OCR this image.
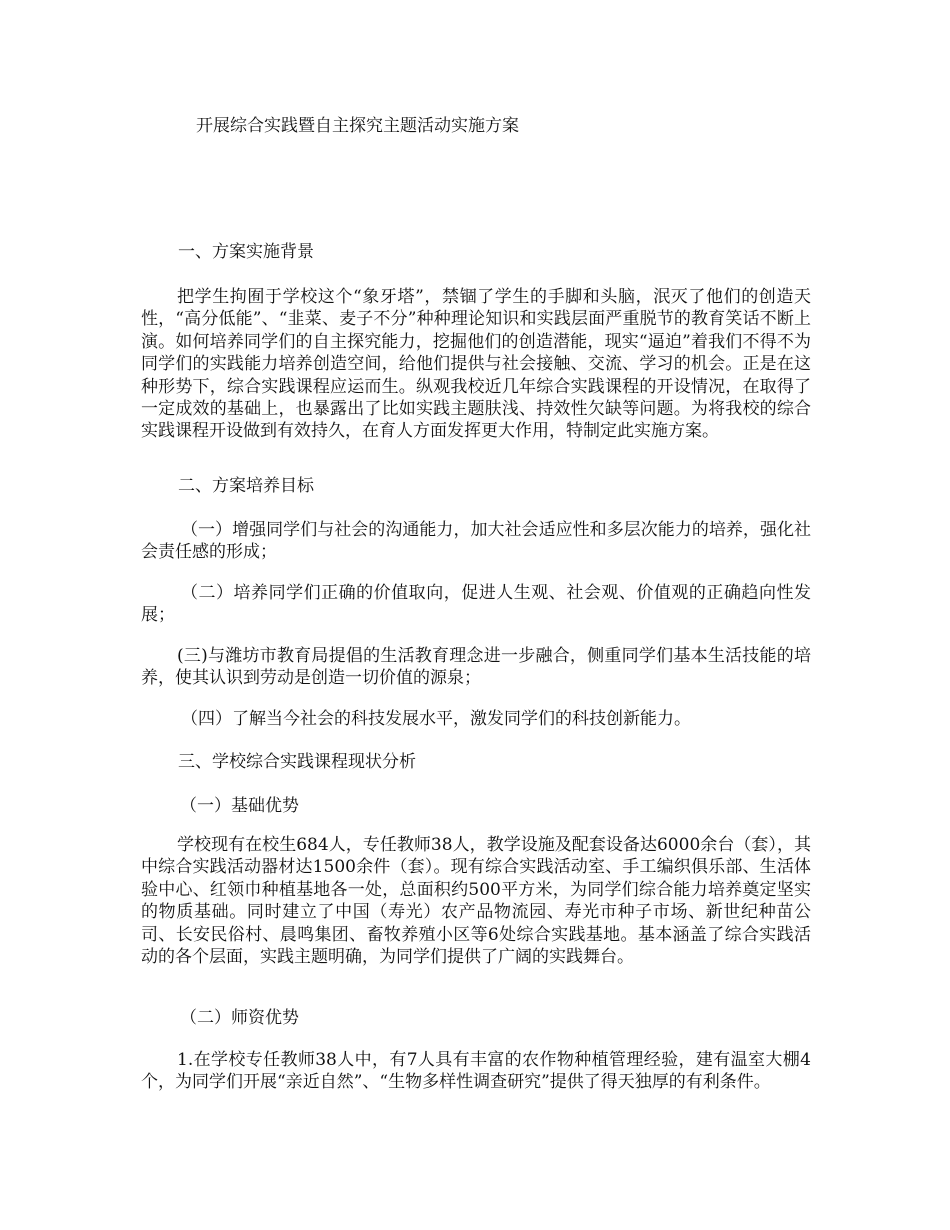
开展综合实践暨自主探究主题活动实施方案
一、方案实施背景
把学生拘囿于学校这个“象牙塔”，禁锢了学生的手脚和头脑，泯灭了他们的创造天性，“高分低能”、“韭菜、麦子不分”种种理论知识和实践层面严重脱节的教育笑话不断上演。如何培养同学们的自主探究能力，挖掘他们的创造潜能，现实“逼迫”着我们不得不为同学们的实践能力培养创造空间，给他们提供与社会接触、交流、学习的机会。正是在这种形势下，综合实践课程应运而生。纵观我校近几年综合实践课程的开设情况，在取得了一定成效的基础上，也暴露出了比如实践主题肤浅、持效性欠缺等问题。为将我校的综合实践课程开设做到有效持久，在育人方面发挥更大作用，特制定此实施方案。
二、方案培养目标
（一）增强同学们与社会的沟通能力，加大社会适应性和多层次能力的培养，强化社会责任感的形成；
（二）培养同学们正确的价值取向，促进人生观、社会观、价值观的正确趋向性发展；
(三)与潍坊市教育局提倡的生活教育理念进一步融合，侧重同学们基本生活技能的培养，使其认识到劳动是创造一切价值的源泉；
（四）了解当今社会的科技发展水平，激发同学们的科技创新能力。
三、学校综合实践课程现状分析
（一）基础优势
学校现有在校生684人，专任教师38人，教学设施及配套设备达6000余台（套），其中综合实践活动器材达1500余件（套）。现有综合实践活动室、手工编织俱乐部、生活体验中心、红领巾种植基地各一处，总面积约500平方米，为同学们综合能力培养奠定坚实的物质基础。同时建立了中国（寿光）农产品物流园、寿光市种子市场、新世纪种苗公司、长安民俗村、晨鸣集团、畜牧养殖小区等6处综合实践基地。基本涵盖了综合实践活动的各个层面，实践主题明确，为同学们提供了广阔的实践舞台。
（二）师资优势
1.在学校专任教师38人中，有7人具有丰富的农作物种植管理经验，建有温室大棚4个，为同学们开展“亲近自然”、“生物多样性调查研究”提供了得天独厚的有利条件。
